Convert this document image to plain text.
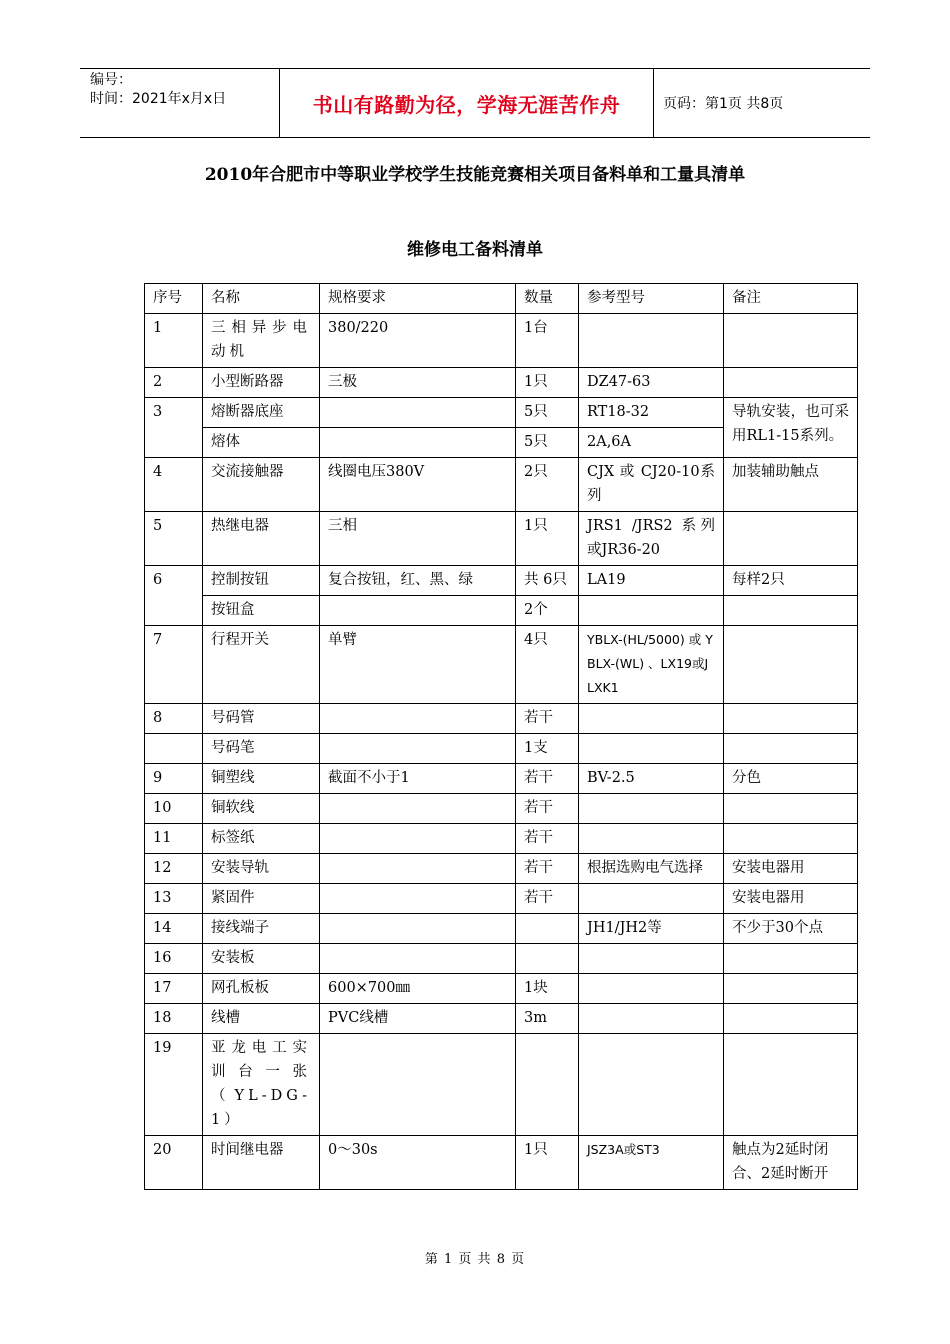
编号：
时间：2021年x月x日	书山有路勤为径，学海无涯苦作舟	页码：第1页 共8页
2010年合肥市中等职业学校学生技能竞赛相关项目备料单和工量具清单
维修电工备料清单
序号	名称	规格要求	数量	参考型号	备注
1	三相异步电动机	380/220	1台		
2	小型断路器	三极	1只	DZ47-63	
3	熔断器底座		5只	RT18-32	导轨安装，也可采用RL1-15系列。
	熔体		5只	2A,6A	
4	交流接触器	线圈电压380V	2只	CJX 或 CJ20-10系列	加装辅助触点
5	热继电器	三相	1只	JRS1 /JRS2 系列或JR36-20	
6	控制按钮	复合按钮，红、黑、绿	共 6只	LA19	每样2只
	按钮盒		2个		
7	行程开关	单臂	4只	YBLX-(HL/5000) 或 YBLX-(WL) 、LX19或JLXK1	
8	号码管		若干		
	号码笔		1支		
9	铜塑线	截面不小于1	若干	BV-2.5	分色
10	铜软线		若干		
11	标签纸		若干		
12	安装导轨		若干	根据选购电气选择	安装电器用
13	紧固件		若干		安装电器用
14	接线端子			JH1/JH2等	不少于30个点
16	安装板				
17	网孔板板	600×700㎜	1块		
18	线槽	PVC线槽	3m		
19	亚龙电工实训台一张（YL-DG-1）				
20	时间继电器	0～30s	1只	JSZ3A或ST3	触点为2延时闭合、2延时断开
第 1 页 共 8 页
